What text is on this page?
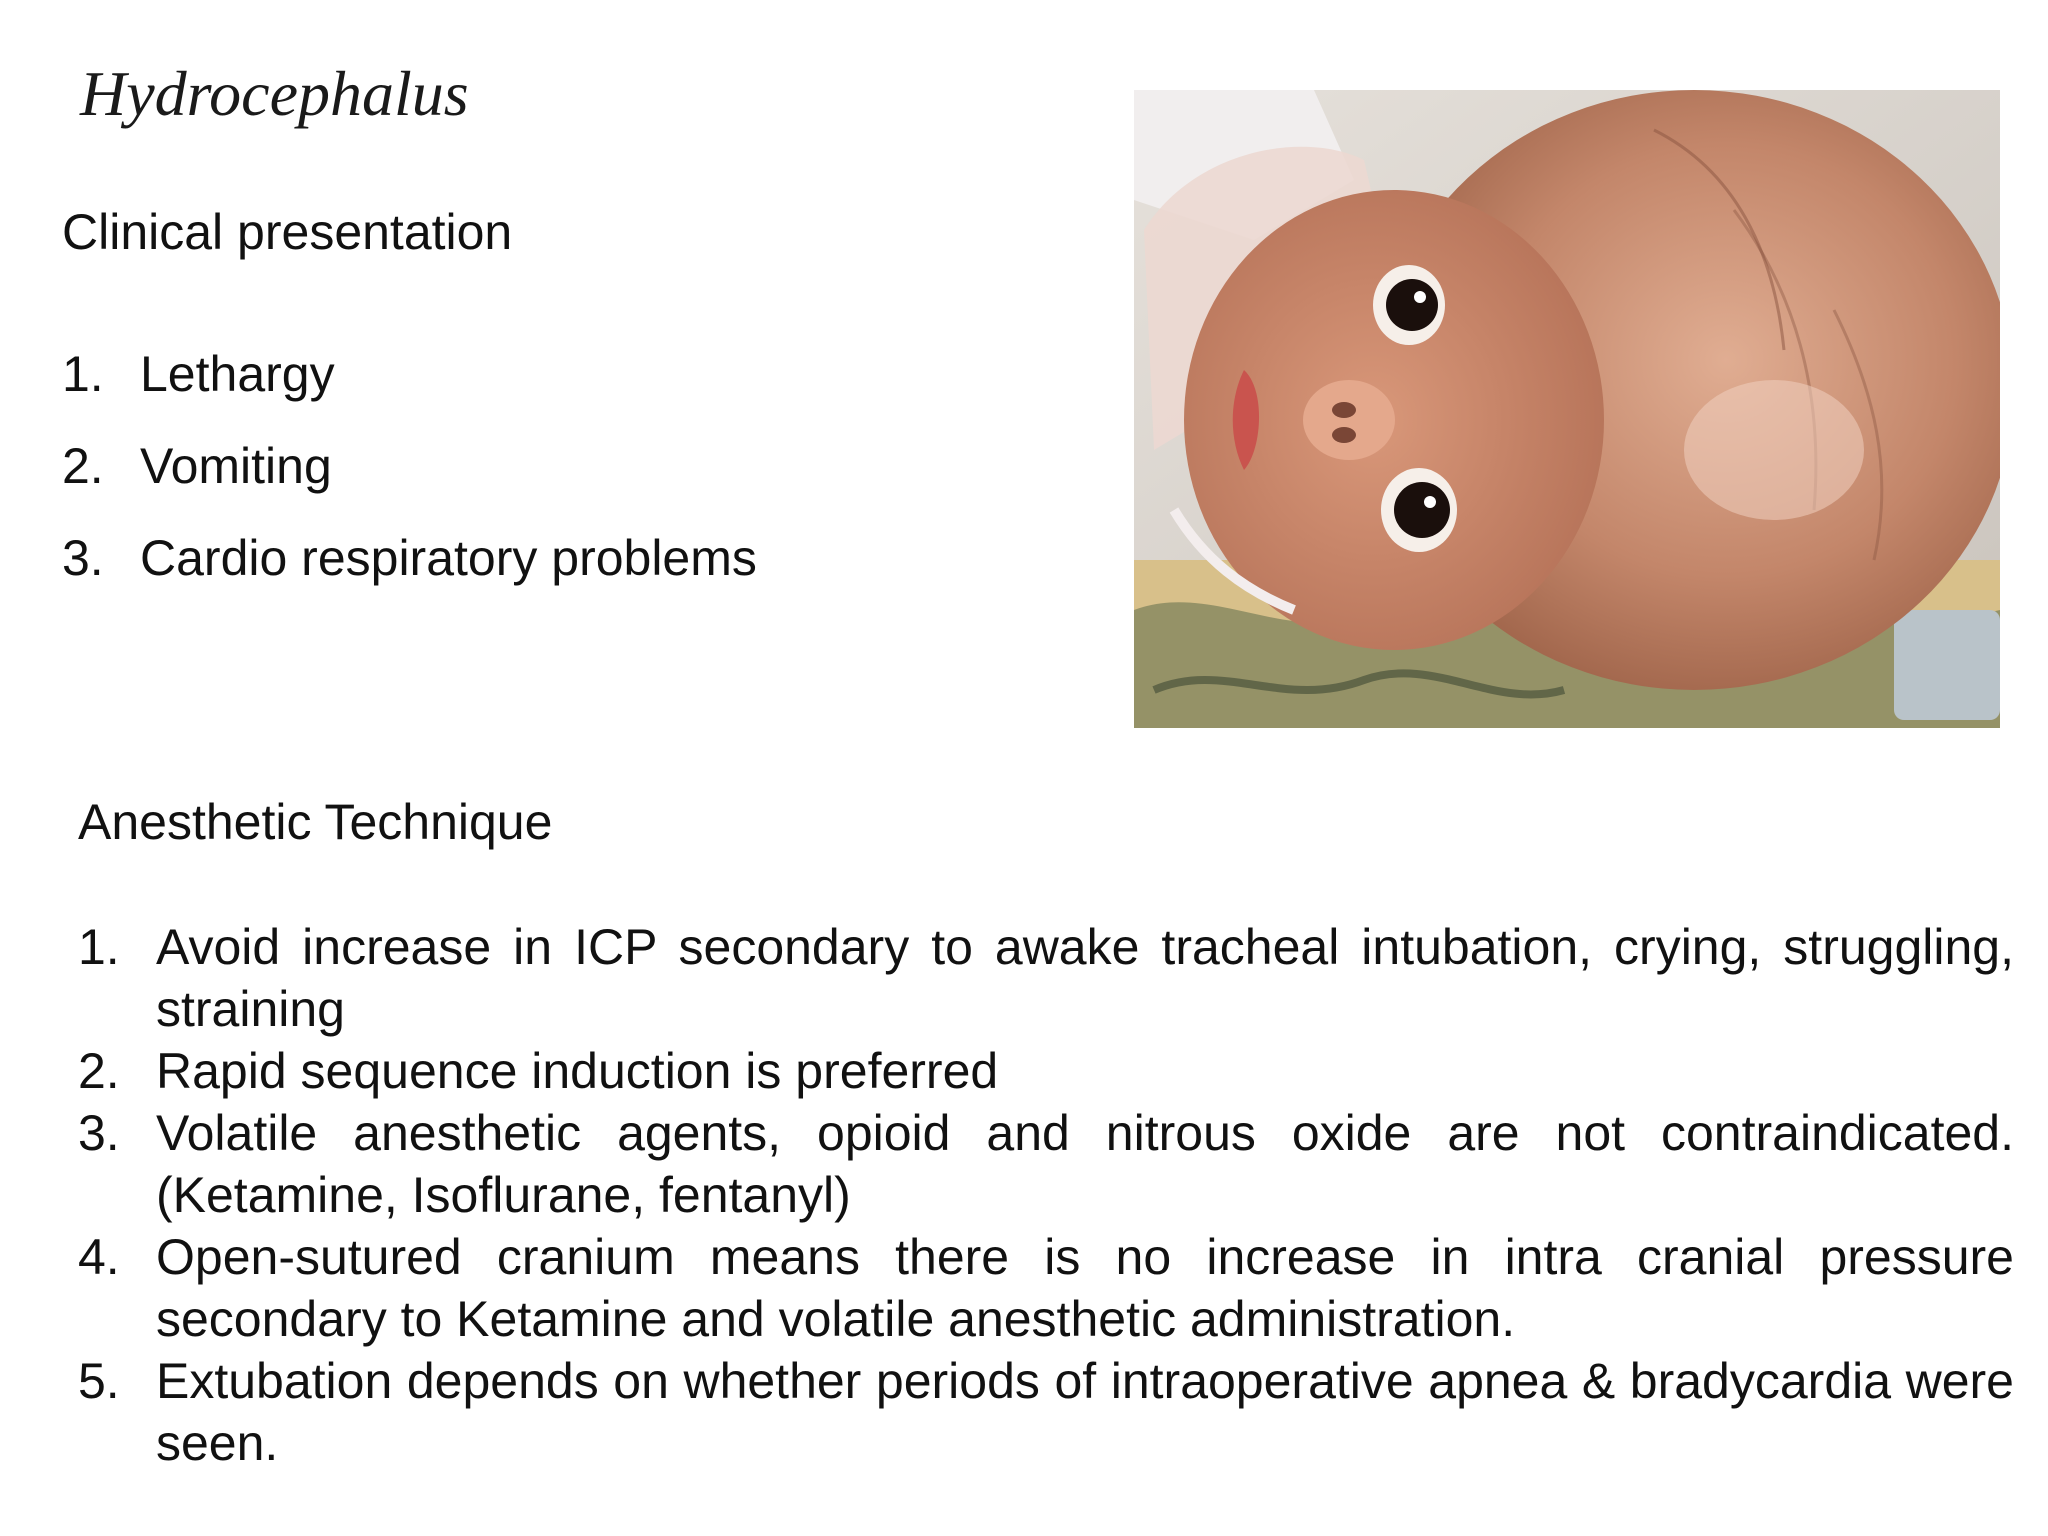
Hydrocephalus
Clinical presentation
1. Lethargy
2. Vomiting
3. Cardio respiratory problems
Anesthetic Technique
1. Avoid increase in ICP secondary to awake tracheal intubation, crying, struggling, straining
2. Rapid sequence induction is preferred
3. Volatile anesthetic agents, opioid and nitrous oxide are not contraindicated. (Ketamine, Isoflurane, fentanyl)
4. Open-sutured cranium means there is no increase in intra cranial pressure secondary to Ketamine and volatile anesthetic administration.
5. Extubation depends on whether periods of intraoperative apnea & bradycardia were seen.
